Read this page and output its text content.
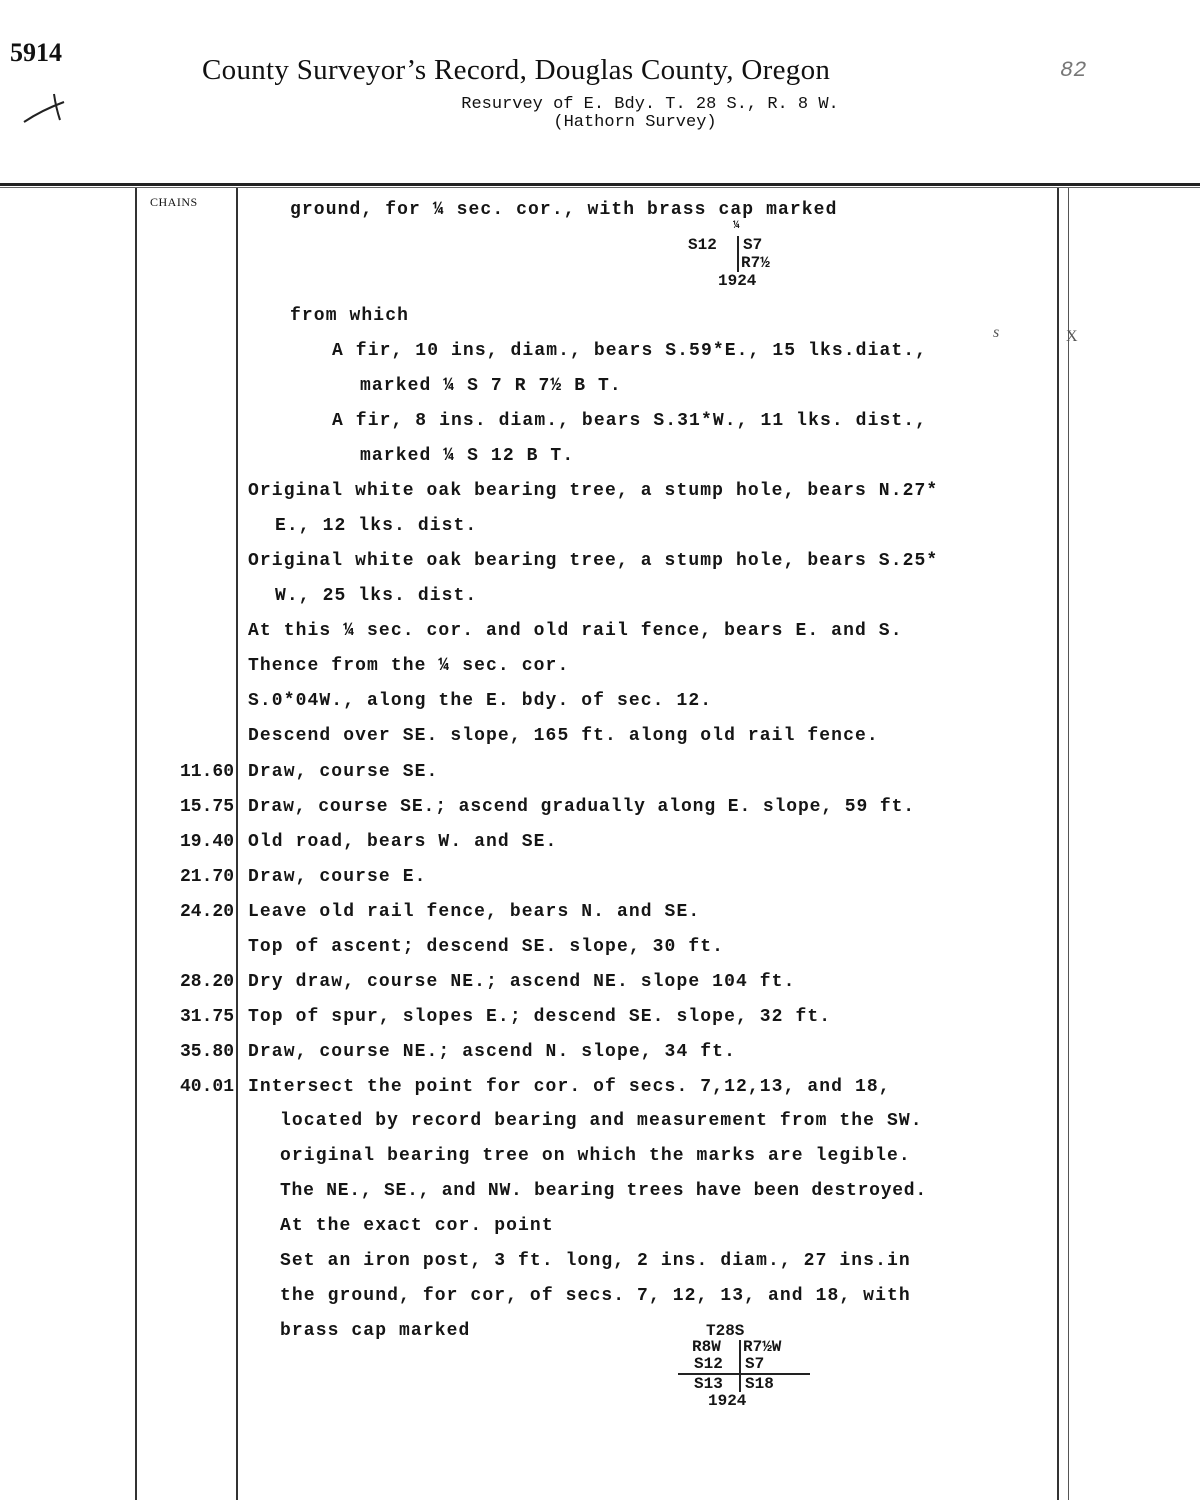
5914
County Surveyor’s Record, Douglas County, Oregon	82
Resurvey of E. Bdy. T. 28 S., R. 8 W.
(Hathorn Survey)
CHAINS	ground, for ¼ sec. cor., with brass cap marked
¼
S12 S7
R7½
1924
from which
A fir, 10 ins, diam., bears S.59*E., 15 lks.diat.,
s	X
marked ¼ S 7 R 7½ B T.
A fir, 8 ins. diam., bears S.31*W., 11 lks. dist.,
marked ¼ S 12 B T.
Original white oak bearing tree, a stump hole, bears N.27*
E., 12 lks. dist.
Original white oak bearing tree, a stump hole, bears S.25*
W., 25 lks. dist.
At this ¼ sec. cor. and old rail fence, bears E. and S.
Thence from the ¼ sec. cor.
S.0*04W., along the E. bdy. of sec. 12.
Descend over SE. slope, 165 ft. along old rail fence.
11.60 Draw, course SE.
15.75 Draw, course SE.; ascend gradually along E. slope, 59 ft.
19.40 Old road, bears W. and SE.
21.70 Draw, course E.
24.20 Leave old rail fence, bears N. and SE.
Top of ascent; descend SE. slope, 30 ft.
28.20 Dry draw, course NE.; ascend NE. slope 104 ft.
31.75 Top of spur, slopes E.; descend SE. slope, 32 ft.
35.80 Draw, course NE.; ascend N. slope, 34 ft.
40.01 Intersect the point for cor. of secs. 7,12,13, and 18,
located by record bearing and measurement from the SW.
original bearing tree on which the marks are legible.
The NE., SE., and NW. bearing trees have been destroyed.
At the exact cor. point
Set an iron post, 3 ft. long, 2 ins. diam., 27 ins.in
the ground, for cor, of secs. 7, 12, 13, and 18, with
brass cap marked	T28S
R8W R7½W
S12 S7
S13 S18
1924
